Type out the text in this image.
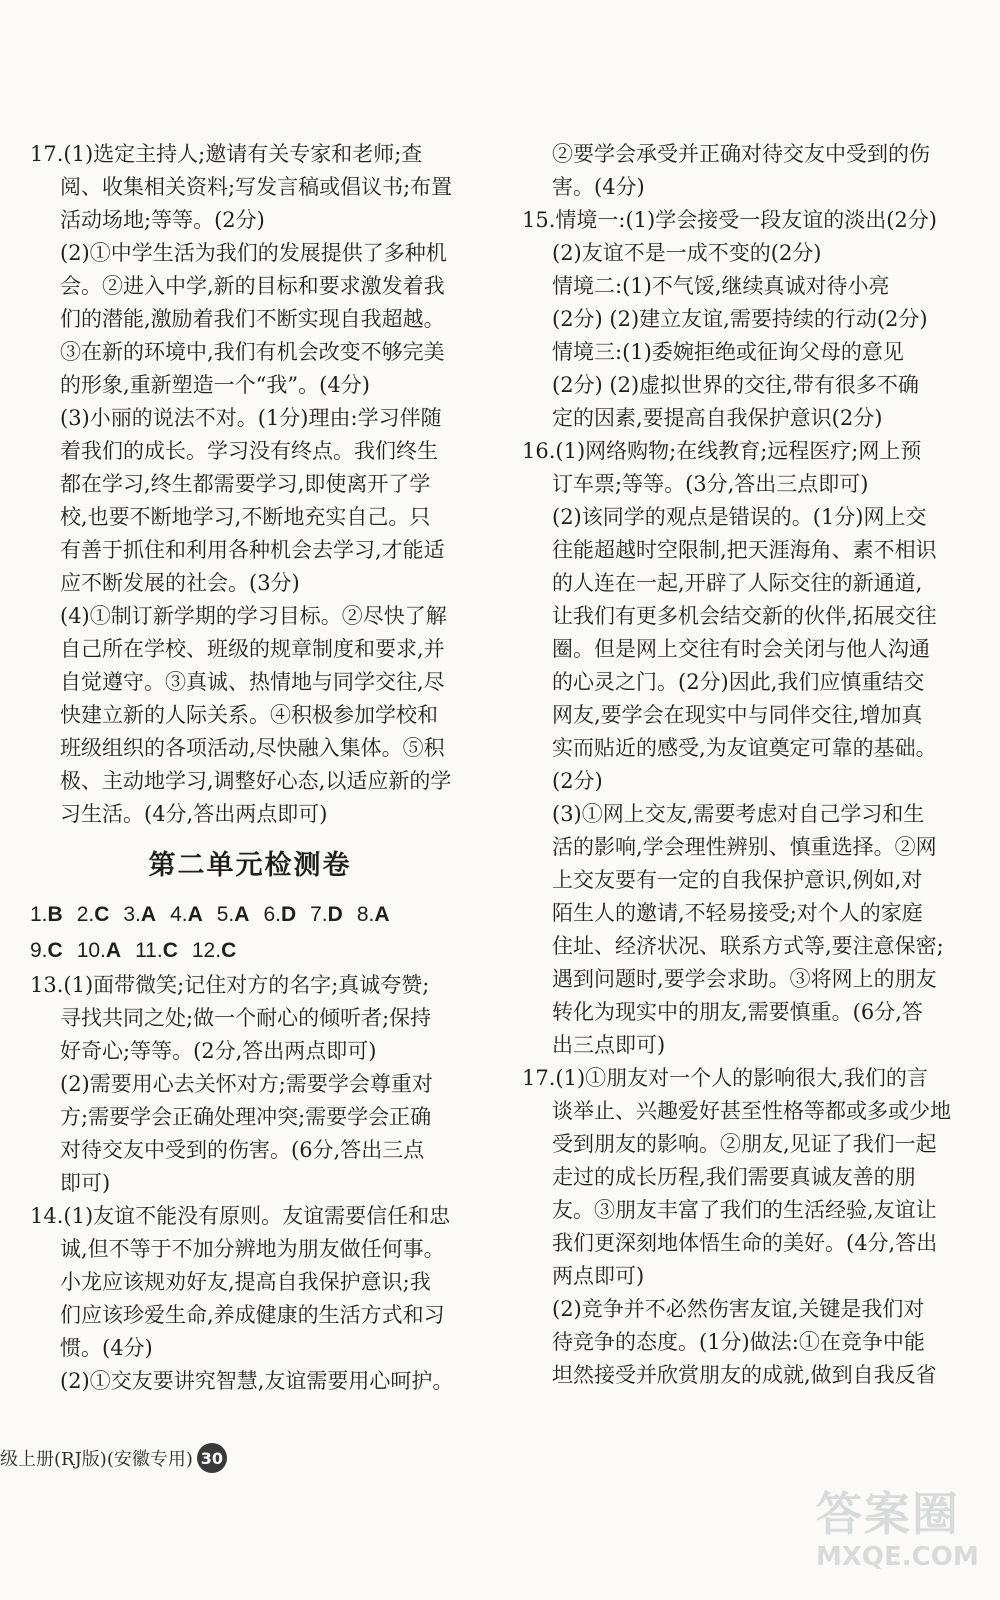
17.(1)选定主持人;邀请有关专家和老师;查
阅、收集相关资料;写发言稿或倡议书;布置
活动场地;等等。(2分)
(2)①中学生活为我们的发展提供了多种机
会。②进入中学,新的目标和要求激发着我
们的潜能,激励着我们不断实现自我超越。
③在新的环境中,我们有机会改变不够完美
的形象,重新塑造一个“我”。(4分)
(3)小丽的说法不对。(1分)理由:学习伴随
着我们的成长。学习没有终点。我们终生
都在学习,终生都需要学习,即使离开了学
校,也要不断地学习,不断地充实自己。只
有善于抓住和利用各种机会去学习,才能适
应不断发展的社会。(3分)
(4)①制订新学期的学习目标。②尽快了解
自己所在学校、班级的规章制度和要求,并
自觉遵守。③真诚、热情地与同学交往,尽
快建立新的人际关系。④积极参加学校和
班级组织的各项活动,尽快融入集体。⑤积
极、主动地学习,调整好心态,以适应新的学
习生活。(4分,答出两点即可)
第二单元检测卷
1.B 2.C 3.A 4.A 5.A 6.D 7.D 8.A
9.C 10.A 11.C 12.C
13.(1)面带微笑;记住对方的名字;真诚夸赞;
寻找共同之处;做一个耐心的倾听者;保持
好奇心;等等。(2分,答出两点即可)
(2)需要用心去关怀对方;需要学会尊重对
方;需要学会正确处理冲突;需要学会正确
对待交友中受到的伤害。(6分,答出三点
即可)
14.(1)友谊不能没有原则。友谊需要信任和忠
诚,但不等于不加分辨地为朋友做任何事。
小龙应该规劝好友,提高自我保护意识;我
们应该珍爱生命,养成健康的生活方式和习
惯。(4分)
(2)①交友要讲究智慧,友谊需要用心呵护。
②要学会承受并正确对待交友中受到的伤
害。(4分)
15.情境一:(1)学会接受一段友谊的淡出(2分)
(2)友谊不是一成不变的(2分)
情境二:(1)不气馁,继续真诚对待小亮
(2分) (2)建立友谊,需要持续的行动(2分)
情境三:(1)委婉拒绝或征询父母的意见
(2分) (2)虚拟世界的交往,带有很多不确
定的因素,要提高自我保护意识(2分)
16.(1)网络购物;在线教育;远程医疗;网上预
订车票;等等。(3分,答出三点即可)
(2)该同学的观点是错误的。(1分)网上交
往能超越时空限制,把天涯海角、素不相识
的人连在一起,开辟了人际交往的新通道,
让我们有更多机会结交新的伙伴,拓展交往
圈。但是网上交往有时会关闭与他人沟通
的心灵之门。(2分)因此,我们应慎重结交
网友,要学会在现实中与同伴交往,增加真
实而贴近的感受,为友谊奠定可靠的基础。
(2分)
(3)①网上交友,需要考虑对自己学习和生
活的影响,学会理性辨别、慎重选择。②网
上交友要有一定的自我保护意识,例如,对
陌生人的邀请,不轻易接受;对个人的家庭
住址、经济状况、联系方式等,要注意保密;
遇到问题时,要学会求助。③将网上的朋友
转化为现实中的朋友,需要慎重。(6分,答
出三点即可)
17.(1)①朋友对一个人的影响很大,我们的言
谈举止、兴趣爱好甚至性格等都或多或少地
受到朋友的影响。②朋友,见证了我们一起
走过的成长历程,我们需要真诚友善的朋
友。③朋友丰富了我们的生活经验,友谊让
我们更深刻地体悟生命的美好。(4分,答出
两点即可)
(2)竞争并不必然伤害友谊,关键是我们对
待竞争的态度。(1分)做法:①在竞争中能
坦然接受并欣赏朋友的成就,做到自我反省
级上册(RJ版)(安徽专用) 30
答案圈
MXQE.COM
